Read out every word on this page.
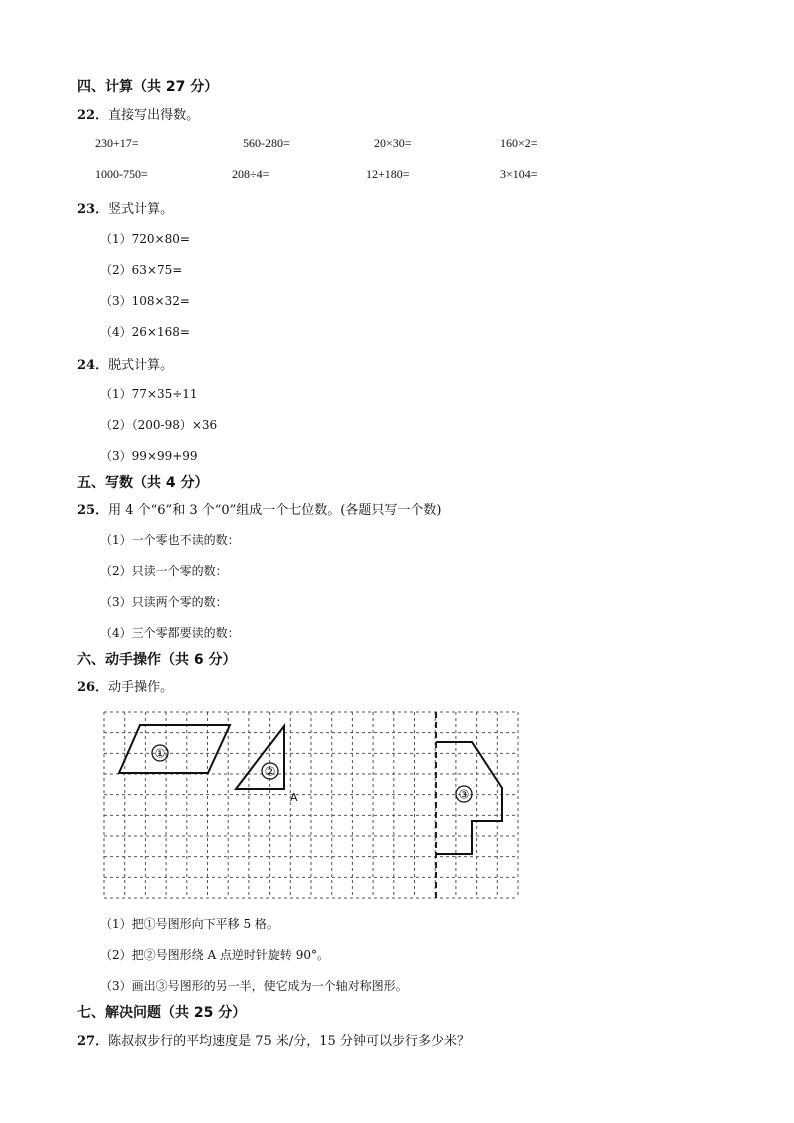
四、计算（共 27 分）
22．直接写出得数。
230+17=	560-280=	20×30=	160×2=
1000-750=	208÷4=	12+180=	3×104=
23．竖式计算。
（1）720×80=
（2）63×75=
（3）108×32=
（4）26×168=
24．脱式计算。
（1）77×35÷11
（2）（200-98）×36
（3）99×99+99
五、写数（共 4 分）
25．用 4 个“6”和 3 个“0”组成一个七位数。(各题只写一个数)
（1）一个零也不读的数：
（2）只读一个零的数：
（3）只读两个零的数：
（4）三个零都要读的数：
六、动手操作（共 6 分）
26．动手操作。
①
②
A	③
（1）把①号图形向下平移 5 格。
（2）把②号图形绕 A 点逆时针旋转 90°。
（3）画出③号图形的另一半，使它成为一个轴对称图形。
七、解决问题（共 25 分）
27．陈叔叔步行的平均速度是 75 米/分，15 分钟可以步行多少米？
